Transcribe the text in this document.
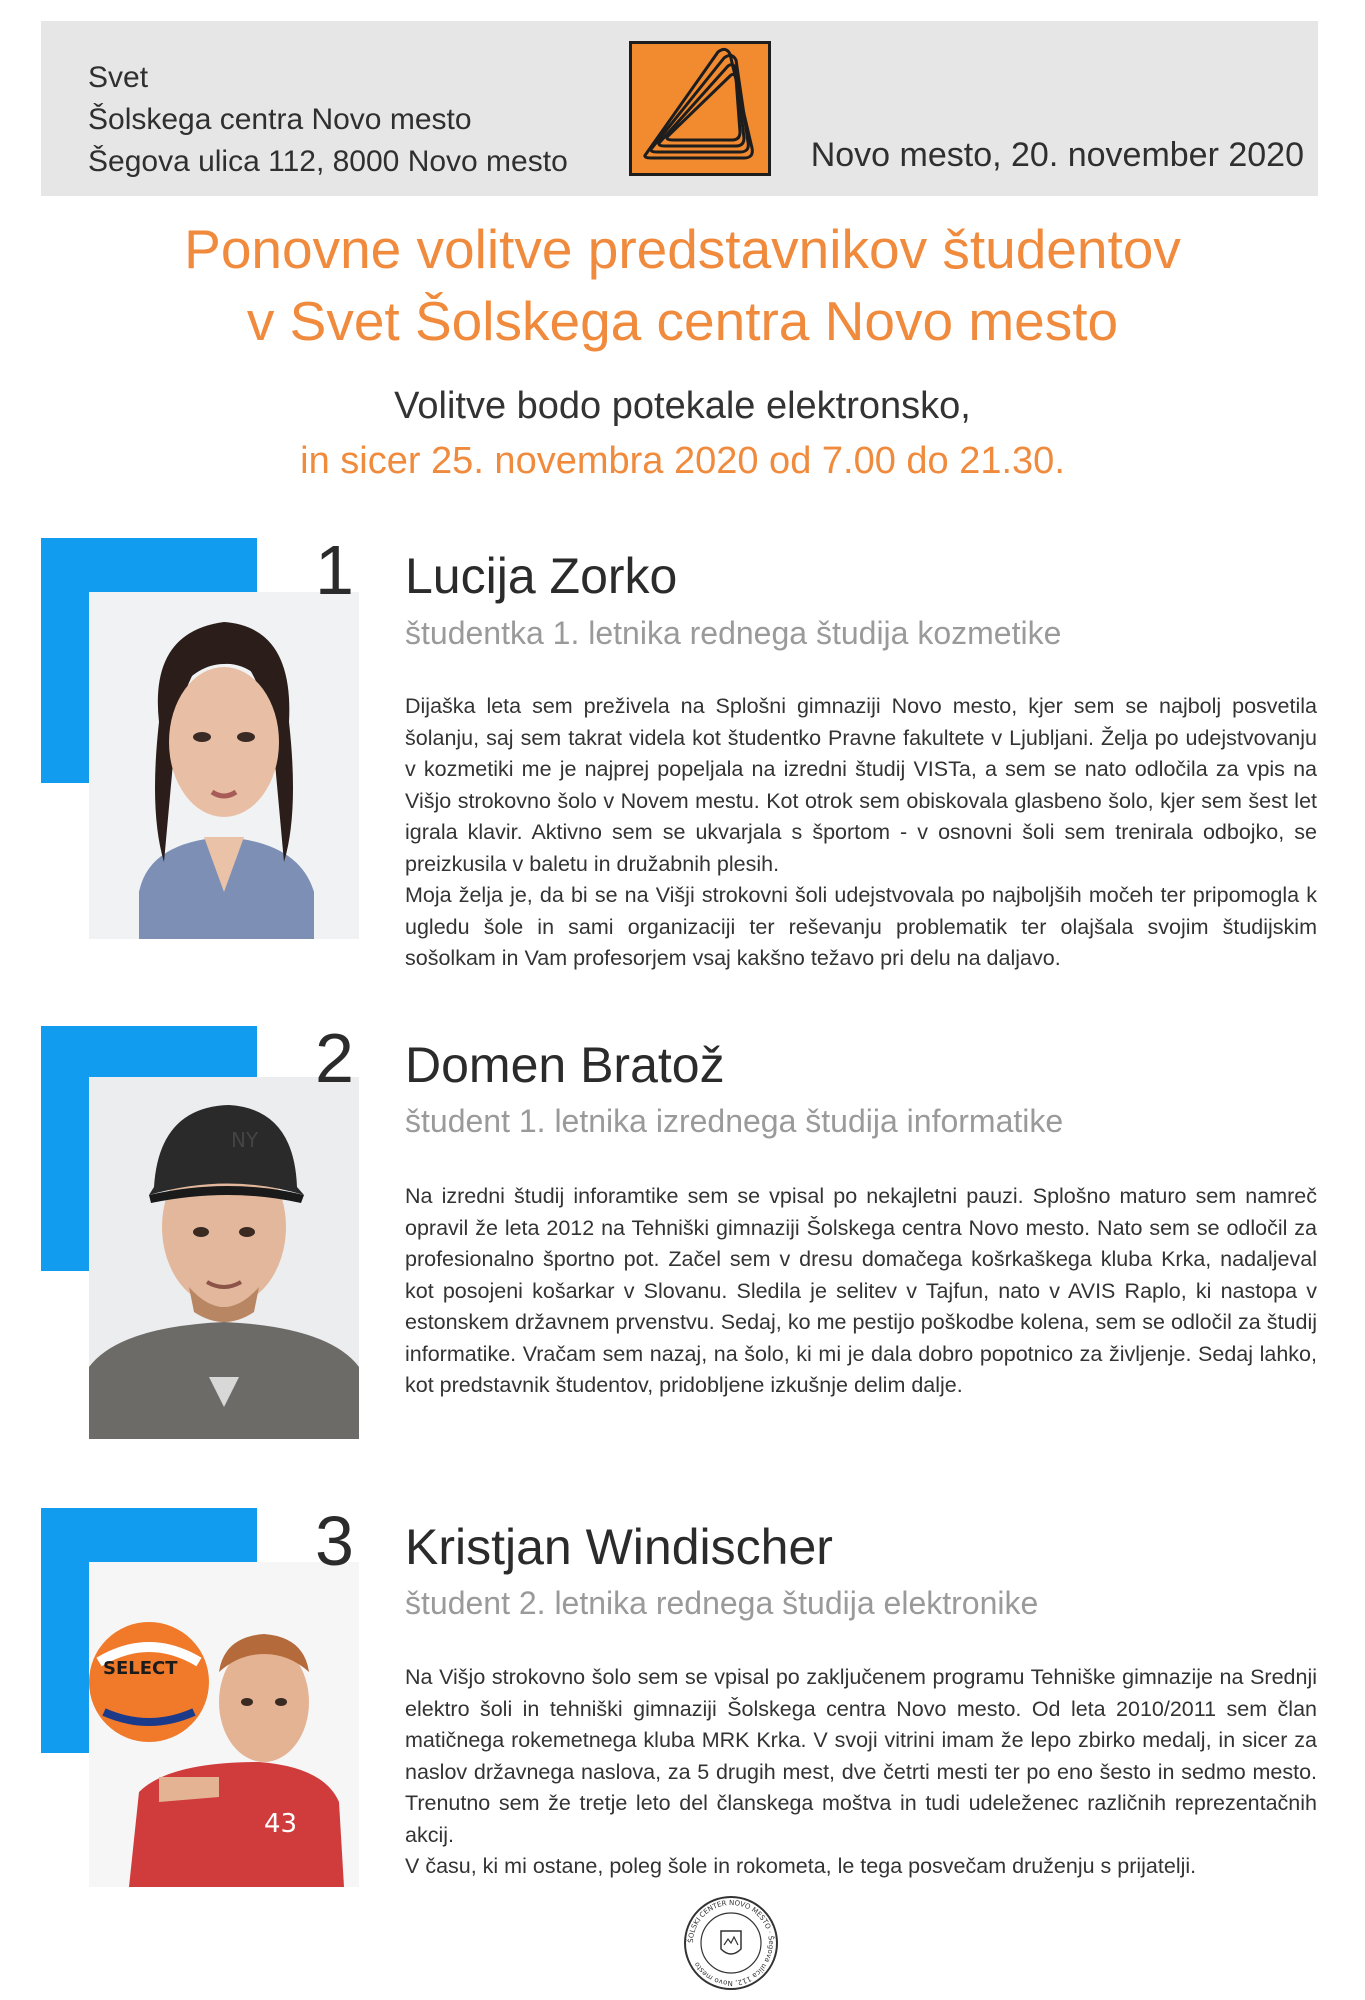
Svet
Šolskega centra Novo mesto
Šegova ulica 112, 8000 Novo mesto	Novo mesto, 20. november 2020
Ponovne volitve predstavnikov študentov
v Svet Šolskega centra Novo mesto
Volitve bodo potekale elektronsko,
in sicer 25. novembra 2020 od 7.00 do 21.30.
1 Lucija Zorko
študentka 1. letnika rednega študija kozmetike

Dijaška leta sem preživela na Splošni gimnaziji Novo mesto, kjer sem se najbolj posvetila šolanju, saj sem takrat videla kot študentko Pravne fakultete v Ljubljani. Želja po udejstvovanju v kozmetiki me je najprej popeljala na izredni študij VISTa, a sem se nato odločila za vpis na Višjo strokovno šolo v Novem mestu. Kot otrok sem obiskovala glasbeno šolo, kjer sem šest let igrala klavir. Aktivno sem se ukvarjala s športom - v osnovni šoli sem trenirala odbojko, se preizkusila v baletu in družabnih plesih.

Moja želja je, da bi se na Višji strokovni šoli udejstvovala po najboljših močeh ter pripomogla k ugledu šole in sami organizaciji ter reševanju problematik ter olajšala svojim študijskim sošolkam in Vam profesorjem vsaj kakšno težavo pri delu na daljavo.

NY
2 Domen Bratož
študent 1. letnika izrednega študija informatike

Na izredni študij inforamtike sem se vpisal po nekajletni pauzi. Splošno maturo sem namreč opravil že leta 2012 na Tehniški gimnaziji Šolskega centra Novo mesto. Nato sem se odločil za profesionalno športno pot. Začel sem v dresu domačega košrkaškega kluba Krka, nadaljeval kot posojeni košarkar v Slovanu. Sledila je selitev v Tajfun, nato v AVIS Raplo, ki nastopa v estonskem državnem prvenstvu. Sedaj, ko me pestijo poškodbe kolena, sem se odločil za študij informatike. Vračam sem nazaj, na šolo, ki mi je dala dobro popotnico za življenje. Sedaj lahko, kot predstavnik študentov, pridobljene izkušnje delim dalje.

43
SELECT
3 Kristjan Windischer
študent 2. letnika rednega študija elektronike

Na Višjo strokovno šolo sem se vpisal po zaključenem programu Tehniške gimnazije na Srednji elektro šoli in tehniški gimnaziji Šolskega centra Novo mesto. Od leta 2010/2011 sem član matičnega rokemetnega kluba MRK Krka. V svoji vitrini imam že lepo zbirko medalj, in sicer za naslov državnega naslova, za 5 drugih mest, dve četrti mesti ter po eno šesto in sedmo mesto. Trenutno sem že tretje leto del članskega moštva in tudi udeleženec različnih reprezentačnih akcij.

V času, ki mi ostane, poleg šole in rokometa, le tega posvečam druženju s prijatelji.

ŠOLSKI CENTER NOVO MESTO · Šegova ulica 112, Novo mesto
